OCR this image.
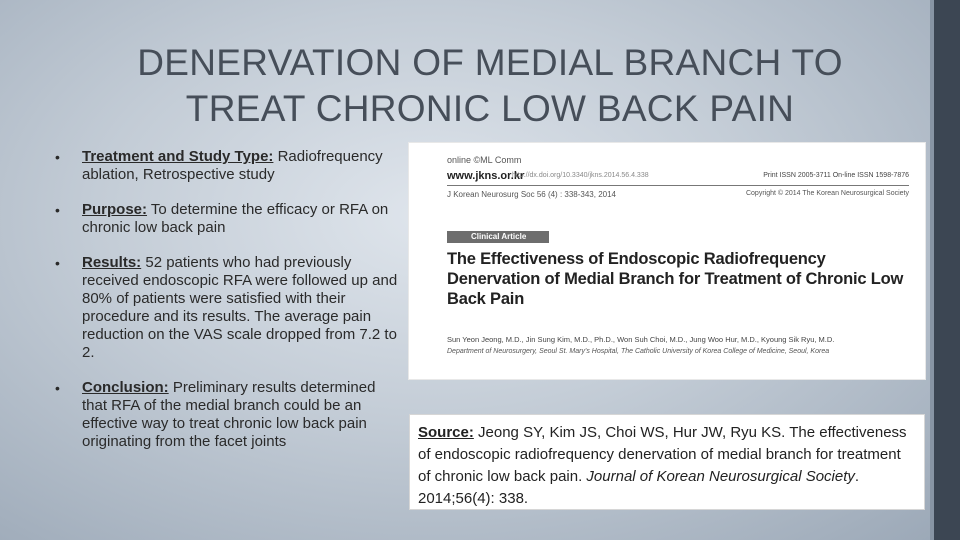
DENERVATION OF MEDIAL BRANCH TO
TREAT CHRONIC LOW BACK PAIN
• Treatment and Study Type: Radiofrequency ablation, Retrospective study
• Purpose: To determine the efficacy or RFA on chronic low back pain
• Results: 52 patients who had previously received endoscopic RFA were followed up and 80% of patients were satisfied with their procedure and its results. The average pain reduction on the VAS scale dropped from 7.2 to 2.
• Conclusion: Preliminary results determined that RFA of the medial branch could be an effective way to treat chronic low back pain originating from the facet joints
online ©ML Comm
www.jkns.or.kr
http://dx.doi.org/10.3340/jkns.2014.56.4.338	Print ISSN 2005-3711 On-line ISSN 1598-7876
J Korean Neurosurg Soc 56 (4) : 338-343, 2014	Copyright © 2014 The Korean Neurosurgical Society
Clinical Article
The Effectiveness of Endoscopic Radiofrequency Denervation of Medial Branch for Treatment of Chronic Low Back Pain
Sun Yeon Jeong, M.D., Jin Sung Kim, M.D., Ph.D., Won Suh Choi, M.D., Jung Woo Hur, M.D., Kyoung Sik Ryu, M.D.
Department of Neurosurgery, Seoul St. Mary's Hospital, The Catholic University of Korea College of Medicine, Seoul, Korea
Source: Jeong SY, Kim JS, Choi WS, Hur JW, Ryu KS. The effectiveness of endoscopic radiofrequency denervation of medial branch for treatment of chronic low back pain. Journal of Korean Neurosurgical Society. 2014;56(4): 338.
